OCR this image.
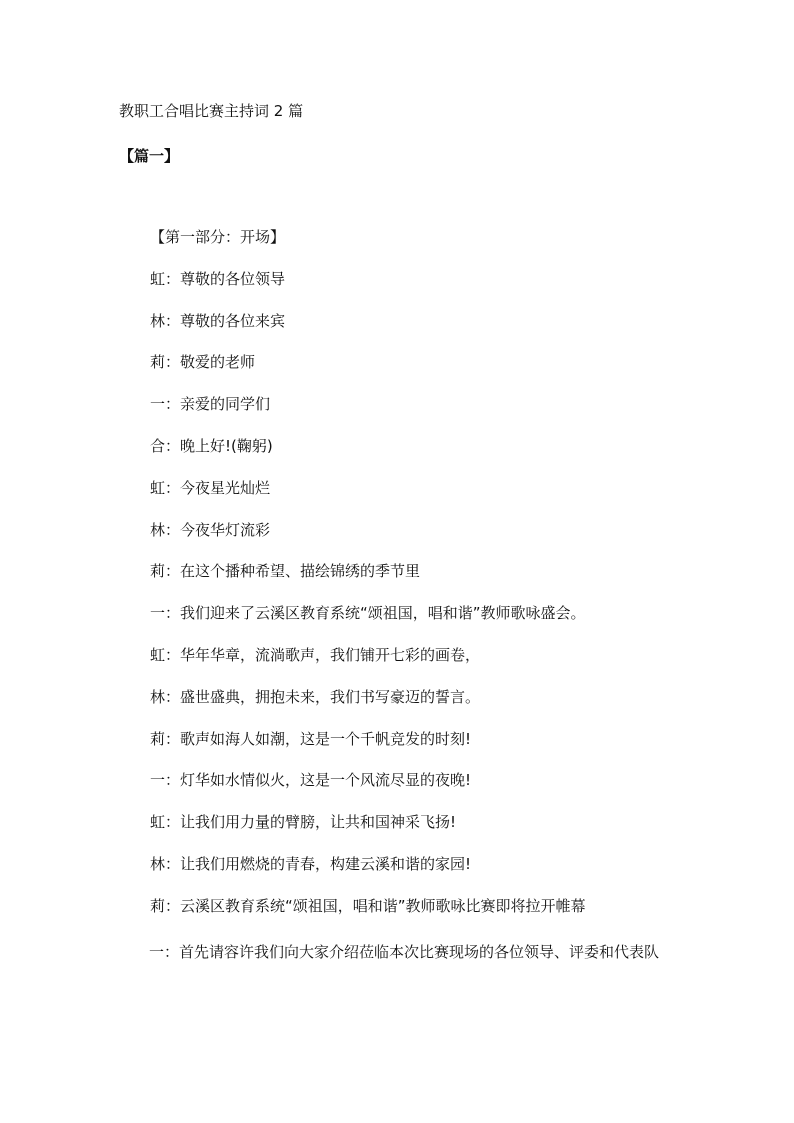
教职工合唱比赛主持词 2 篇
【篇一】
【第一部分：开场】
虹：尊敬的各位领导
林：尊敬的各位来宾
莉：敬爱的老师
一：亲爱的同学们
合：晚上好!(鞠躬)
虹：今夜星光灿烂
林：今夜华灯流彩
莉：在这个播种希望、描绘锦绣的季节里
一：我们迎来了云溪区教育系统“颂祖国，唱和谐”教师歌咏盛会。
虹：华年华章，流淌歌声，我们铺开七彩的画卷，
林：盛世盛典，拥抱未来，我们书写豪迈的誓言。
莉：歌声如海人如潮，这是一个千帆竞发的时刻!
一：灯华如水情似火，这是一个风流尽显的夜晚!
虹：让我们用力量的臂膀，让共和国神采飞扬!
林：让我们用燃烧的青春，构建云溪和谐的家园!
莉：云溪区教育系统“颂祖国，唱和谐”教师歌咏比赛即将拉开帷幕
一：首先请容许我们向大家介绍莅临本次比赛现场的各位领导、评委和代表队
